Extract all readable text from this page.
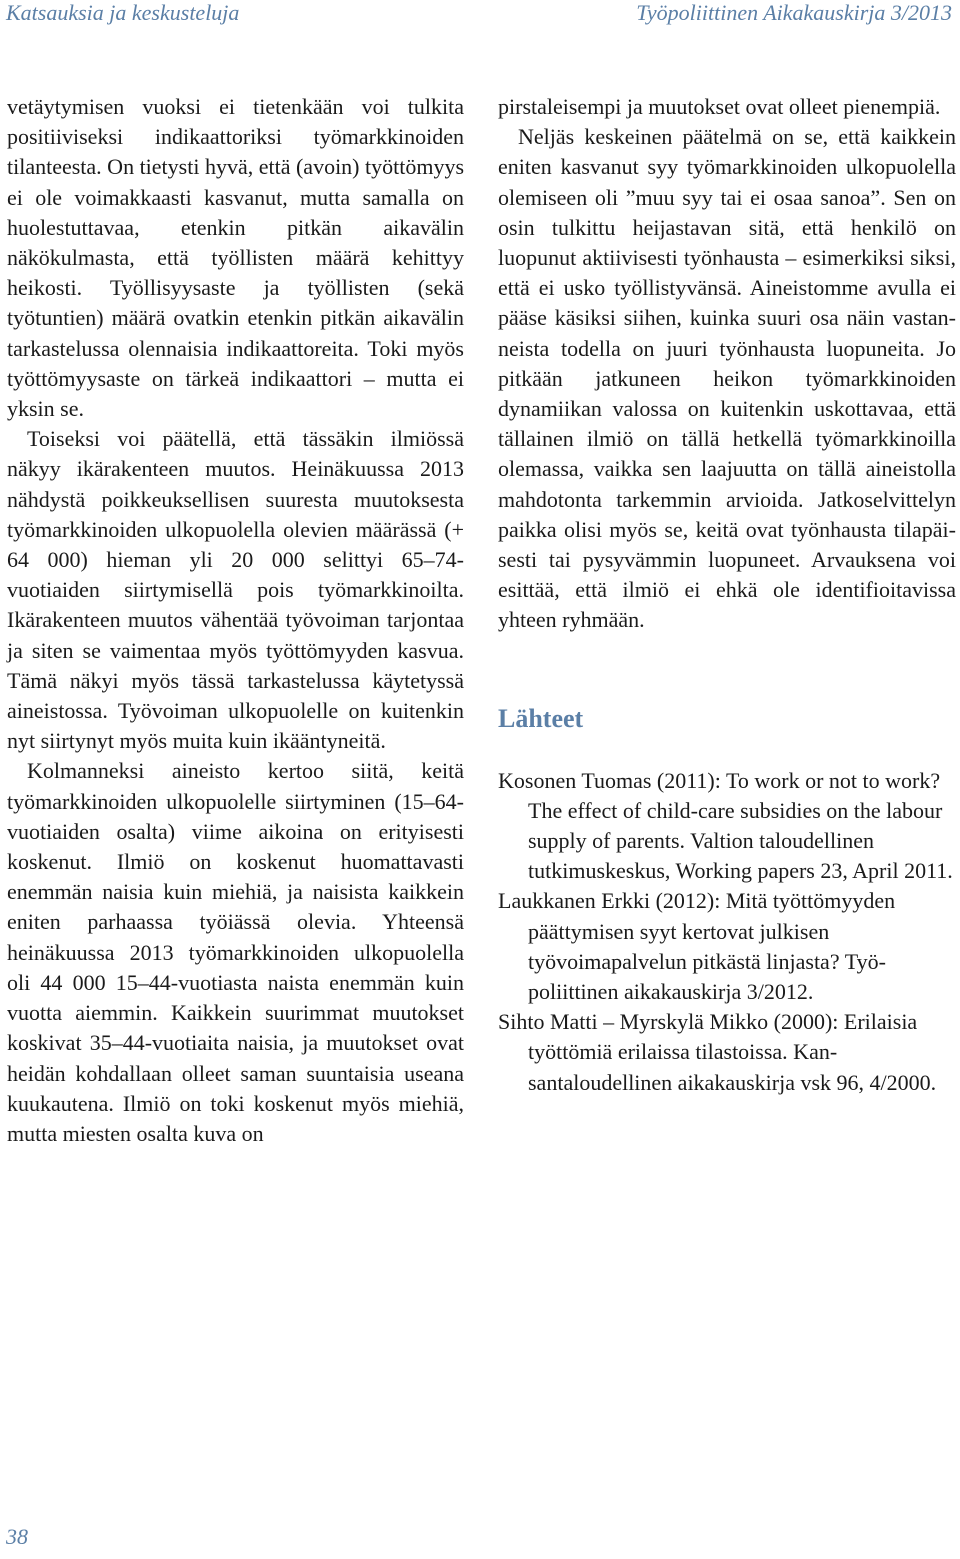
Katsauksia ja keskusteluja	Työpoliittinen Aikakauskirja 3/2013

vetäytymisen vuoksi ei tietenkään voi tulkita positiiviseksi indikaattoriksi työmarkkinoiden tilanteesta. On tietysti hyvä, että (avoin) työttömyys ei ole voimakkaasti kasvanut, mutta samalla on huolestuttavaa, etenkin pitkän aikavälin näkökulmasta, että työllisten määrä kehittyy heikosti. Työllisyysaste ja työllisten (sekä työtuntien) määrä ovatkin etenkin pitkän aikavälin tarkastelussa olennaisia indikaattoreita. Toki myös työttömyysaste on tärkeä indikaattori – mutta ei yksin se.

Toiseksi voi päätellä, että tässäkin ilmiössä näkyy ikärakenteen muutos. Heinäkuussa 2013 nähdystä poikkeuksellisen suuresta muutoksesta työmarkkinoiden ulkopuolella olevien määrässä (+ 64 000) hieman yli 20 000 selittyi 65–74-vuotiaiden siirtymisellä pois työmarkkinoilta. Ikärakenteen muutos vähentää työvoiman tarjontaa ja siten se vaimentaa myös työttömyyden kasvua. Tämä näkyi myös tässä tarkastelussa käytetyssä aineistossa. Työvoiman ulkopuolelle on kuitenkin nyt siirtynyt myös muita kuin ikääntyneitä.

Kolmanneksi aineisto kertoo siitä, keitä työmarkkinoiden ulkopuolelle siirtyminen (15–64-vuotiaiden osalta) viime aikoina on erityisesti koskenut. Ilmiö on koskenut huomattavasti enemmän naisia kuin miehiä, ja naisista kaikkein eniten parhaassa työiässä olevia. Yhteensä heinäkuussa 2013 työmarkkinoiden ulkopuolella oli 44 000 15–44-vuotiasta naista enemmän kuin vuotta aiemmin. Kaikkein suurimmat muutokset koskivat 35–44-vuotiaita naisia, ja muutokset ovat heidän kohdallaan olleet saman suuntaisia useana kuukautena. Ilmiö on toki koskenut myös miehiä, mutta miesten osalta kuva on

pirstaleisempi ja muutokset ovat olleet pienempiä.

Neljäs keskeinen päätelmä on se, että kaikkein eniten kasvanut syy työmarkkinoiden ulkopuolella olemiseen oli ”muu syy tai ei osaa sanoa”. Sen on osin tulkittu heijastavan sitä, että henkilö on luopunut aktiivisesti työnhausta – esimerkiksi siksi, että ei usko työllistyvänsä. Aineistomme avulla ei pääse käsiksi siihen, kuinka suuri osa näin vastanneista todella on juuri työnhausta luopuneita. Jo pitkään jatkuneen heikon työmarkkinoiden dynamiikan valossa on kuitenkin uskottavaa, että tällainen ilmiö on tällä hetkellä työmarkkinoilla olemassa, vaikka sen laajuutta on tällä aineistolla mahdotonta tarkemmin arvioida. Jatkoselvittelyn paikka olisi myös se, keitä ovat työnhausta tilapäisesti tai pysyvämmin luopuneet. Arvauksena voi esittää, että ilmiö ei ehkä ole identifioitavissa yhteen ryhmään.

Lähteet

Kosonen Tuomas (2011): To work or not to work? The effect of child-care subsidies on the labour supply of parents. Valtion taloudellinen tutkimuskeskus, Working papers 23, April 2011.

Laukkanen Erkki (2012): Mitä työttömyyden päättymisen syyt kertovat julkisen työvoimapalvelun pitkästä linjasta? Työpoliittinen aikakauskirja 3/2012.

Sihto Matti – Myrskylä Mikko (2000): Erilaisia työttömiä erilaissa tilastoissa. Kansantaloudellinen aikakauskirja vsk 96, 4/2000.

38
